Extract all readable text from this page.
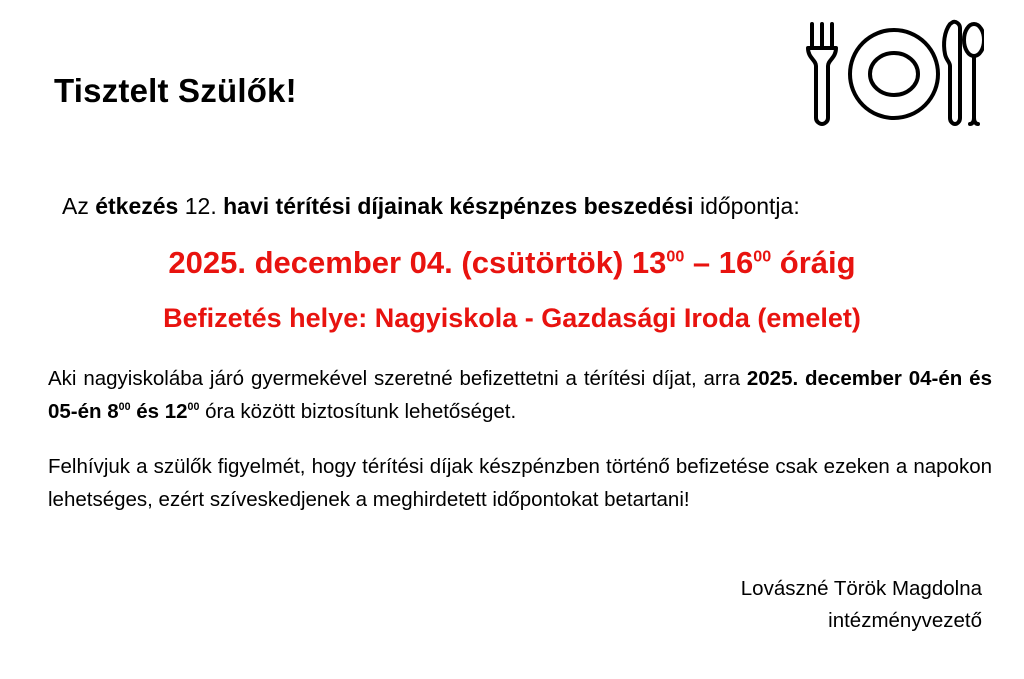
Tisztelt Szülők!
Az étkezés 12. havi térítési díjainak készpénzes beszedési időpontja:
2025. december 04. (csütörtök) $13^{00} - 16^{00}$ óráig
Befizetés helye: Nagyiskola - Gazdasági Iroda (emelet)
Aki nagyiskolába járó gyermekével szeretné befizettetni a térítési díjat, arra 2025. december 04-én és 05-én $8^{00}$ és $12^{00}$ óra között biztosítunk lehetőséget.
Felhívjuk a szülők figyelmét, hogy térítési díjak készpénzben történő befizetése csak ezeken a napokon lehetséges, ezért szíveskedjenek a meghirdetett időpontokat betartani!
Lovászné Török Magdolna
intézményvezető
